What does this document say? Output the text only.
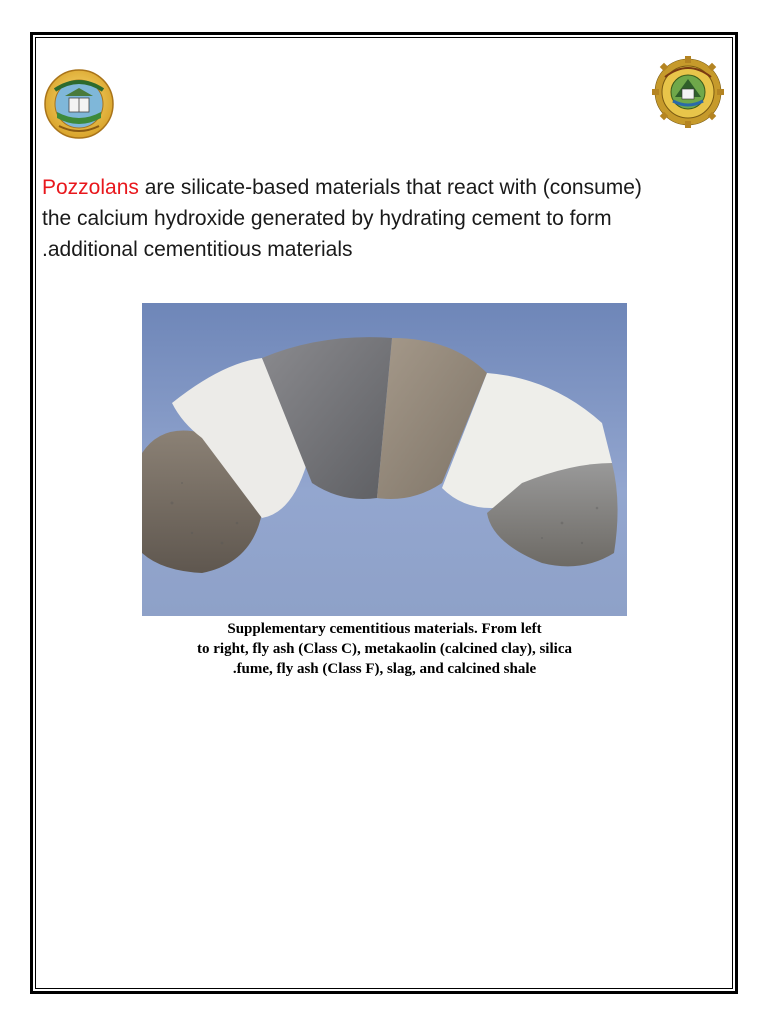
Pozzolans are silicate-based materials that react with (consume)
the calcium hydroxide generated by hydrating cement to form
.additional cementitious materials
Supplementary cementitious materials. From left
to right, fly ash (Class C), metakaolin (calcined clay), silica
.fume, fly ash (Class F), slag, and calcined shale
